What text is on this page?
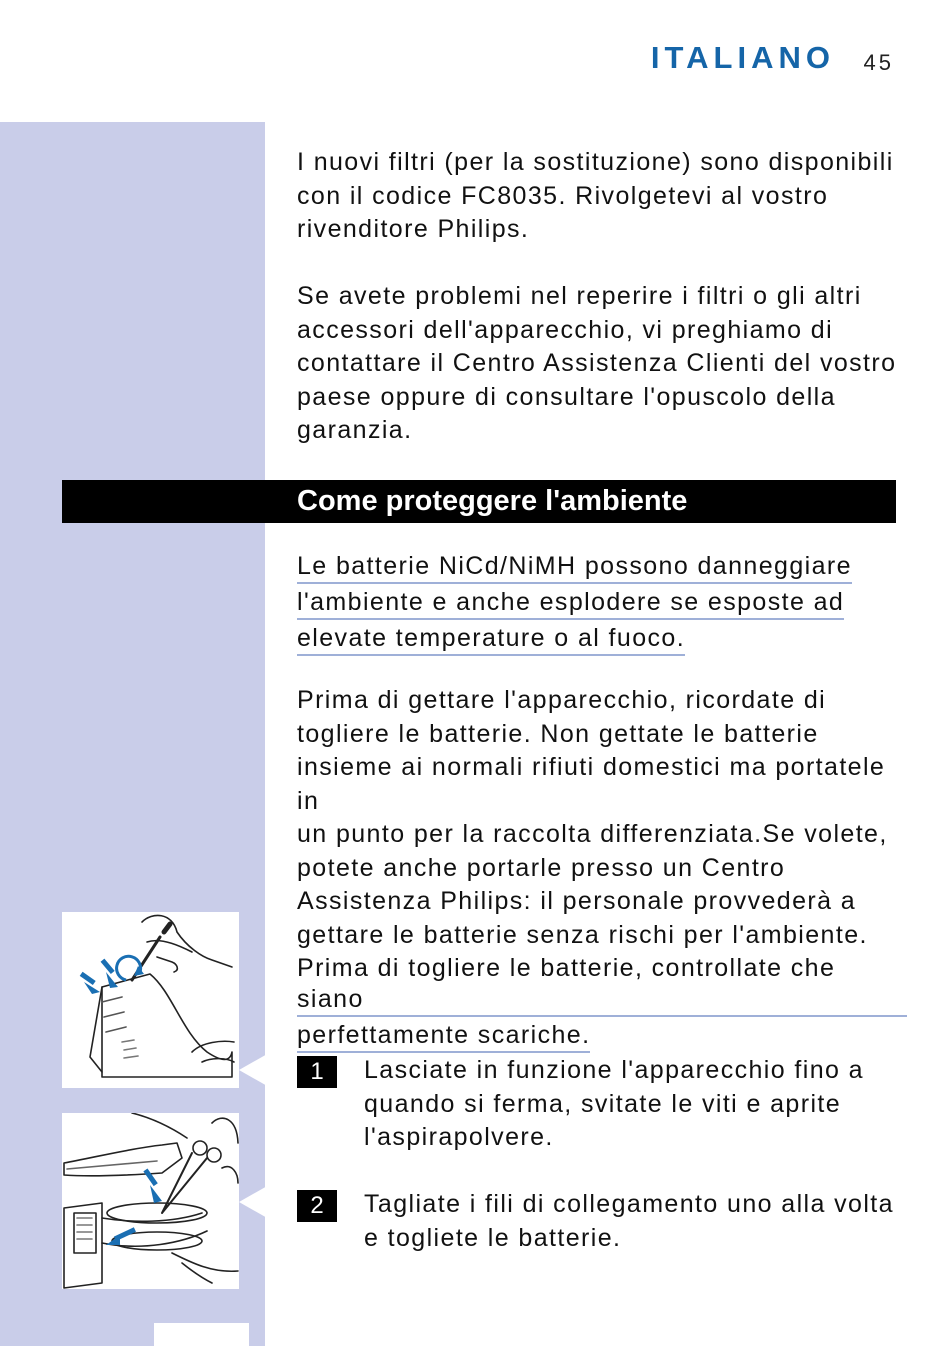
ITALIANO 45

I nuovi filtri (per la sostituzione) sono disponibili
con il codice FC8035. Rivolgetevi al vostro
rivenditore Philips.

Se avete problemi nel reperire i filtri o gli altri
accessori dell'apparecchio, vi preghiamo di
contattare il Centro Assistenza Clienti del vostro
paese oppure di consultare l'opuscolo della
garanzia.

Come proteggere l'ambiente
Le batterie NiCd/NiMH possono danneggiare
l'ambiente e anche esplodere se esposte ad
elevate temperature o al fuoco.

Prima di gettare l'apparecchio, ricordate di
togliere le batterie. Non gettate le batterie
insieme ai normali rifiuti domestici ma portatele in
un punto per la raccolta differenziata.Se volete,
potete anche portarle presso un Centro
Assistenza Philips: il personale provvederà a
gettare le batterie senza rischi per l'ambiente.

Prima di togliere le batterie, controllate che siano
perfettamente scariche.
1	Lasciate in funzione l'apparecchio fino a
quando si ferma, svitate le viti e aprite
l'aspirapolvere.

2	Tagliate i fili di collegamento uno alla volta
e togliete le batterie.
